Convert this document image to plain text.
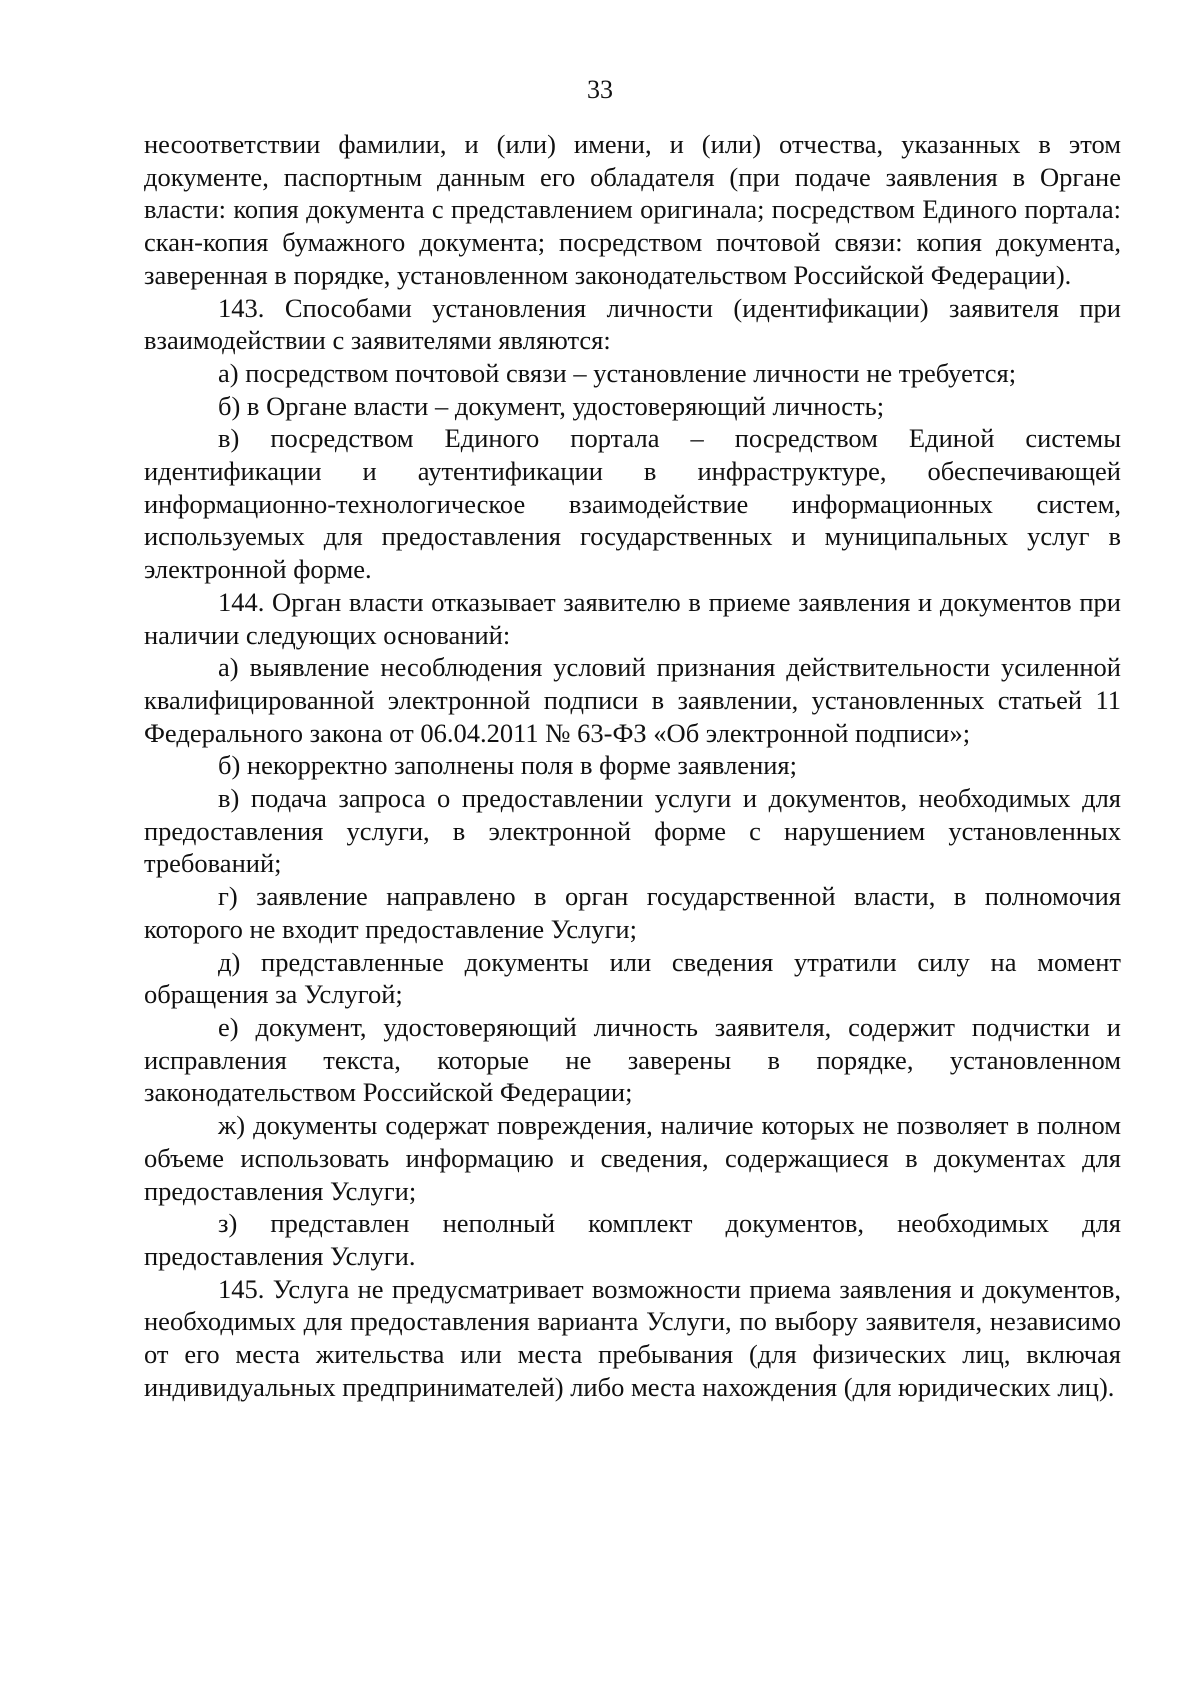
33

несоответствии фамилии, и (или) имени, и (или) отчества, указанных в этом документе, паспортным данным его обладателя (при подаче заявления в Органе власти: копия документа с представлением оригинала; посредством Единого портала: скан-копия бумажного документа; посредством почтовой связи: копия документа, заверенная в порядке, установленном законодательством Российской Федерации).

143. Способами установления личности (идентификации) заявителя при взаимодействии с заявителями являются:

а) посредством почтовой связи – установление личности не требуется;

б) в Органе власти – документ, удостоверяющий личность;

в) посредством Единого портала – посредством Единой системы идентификации и аутентификации в инфраструктуре, обеспечивающей информационно-технологическое взаимодействие информационных систем, используемых для предоставления государственных и муниципальных услуг в электронной форме.

144. Орган власти отказывает заявителю в приеме заявления и документов при наличии следующих оснований:

а) выявление несоблюдения условий признания действительности усиленной квалифицированной электронной подписи в заявлении, установленных статьей 11 Федерального закона от 06.04.2011 № 63-ФЗ «Об электронной подписи»;

б) некорректно заполнены поля в форме заявления;

в) подача запроса о предоставлении услуги и документов, необходимых для предоставления услуги, в электронной форме с нарушением установленных требований;

г) заявление направлено в орган государственной власти, в полномочия которого не входит предоставление Услуги;

д) представленные документы или сведения утратили силу на момент обращения за Услугой;

е) документ, удостоверяющий личность заявителя, содержит подчистки и исправления текста, которые не заверены в порядке, установленном законодательством Российской Федерации;

ж) документы содержат повреждения, наличие которых не позволяет в полном объеме использовать информацию и сведения, содержащиеся в документах для предоставления Услуги;

з) представлен неполный комплект документов, необходимых для предоставления Услуги.

145. Услуга не предусматривает возможности приема заявления и документов, необходимых для предоставления варианта Услуги, по выбору заявителя, независимо от его места жительства или места пребывания (для физических лиц, включая индивидуальных предпринимателей) либо места нахождения (для юридических лиц).
